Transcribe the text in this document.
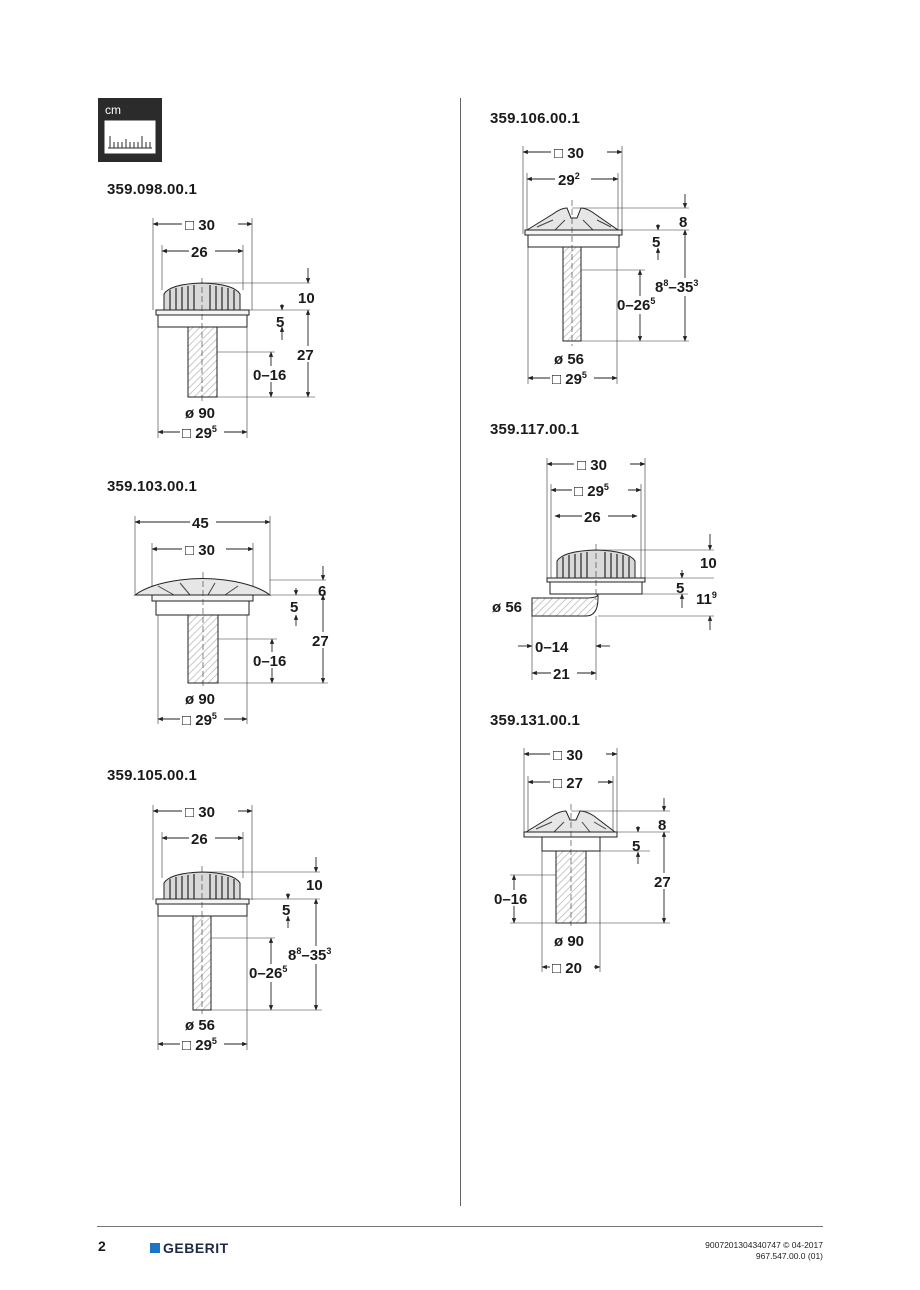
cm
359.098.00.1
359.103.00.1
359.105.00.1
359.106.00.1
359.117.00.1
359.131.00.1
□ 30
26
10
5
27
0–16
ø 90
□ $29^5$
45
□ 30
6
5
27
0–16
ø 90
□ $29^5$
□ 30
26
10
5
$8^8-35^3$
$0-26^5$
ø 56
□ $29^5$
□ 30
$29^2$
8
5
$8^8-35^3$
$0-26^5$
ø 56
□ $29^5$
□ 30
□ $29^5$
26
10
5
$11^9$
ø 56
0–14
21
□ 30
□ 27
8
5
27
0–16
ø 90
□ 20
2	GEBERIT	9007201304340747 © 04-2017
967.547.00.0 (01)
